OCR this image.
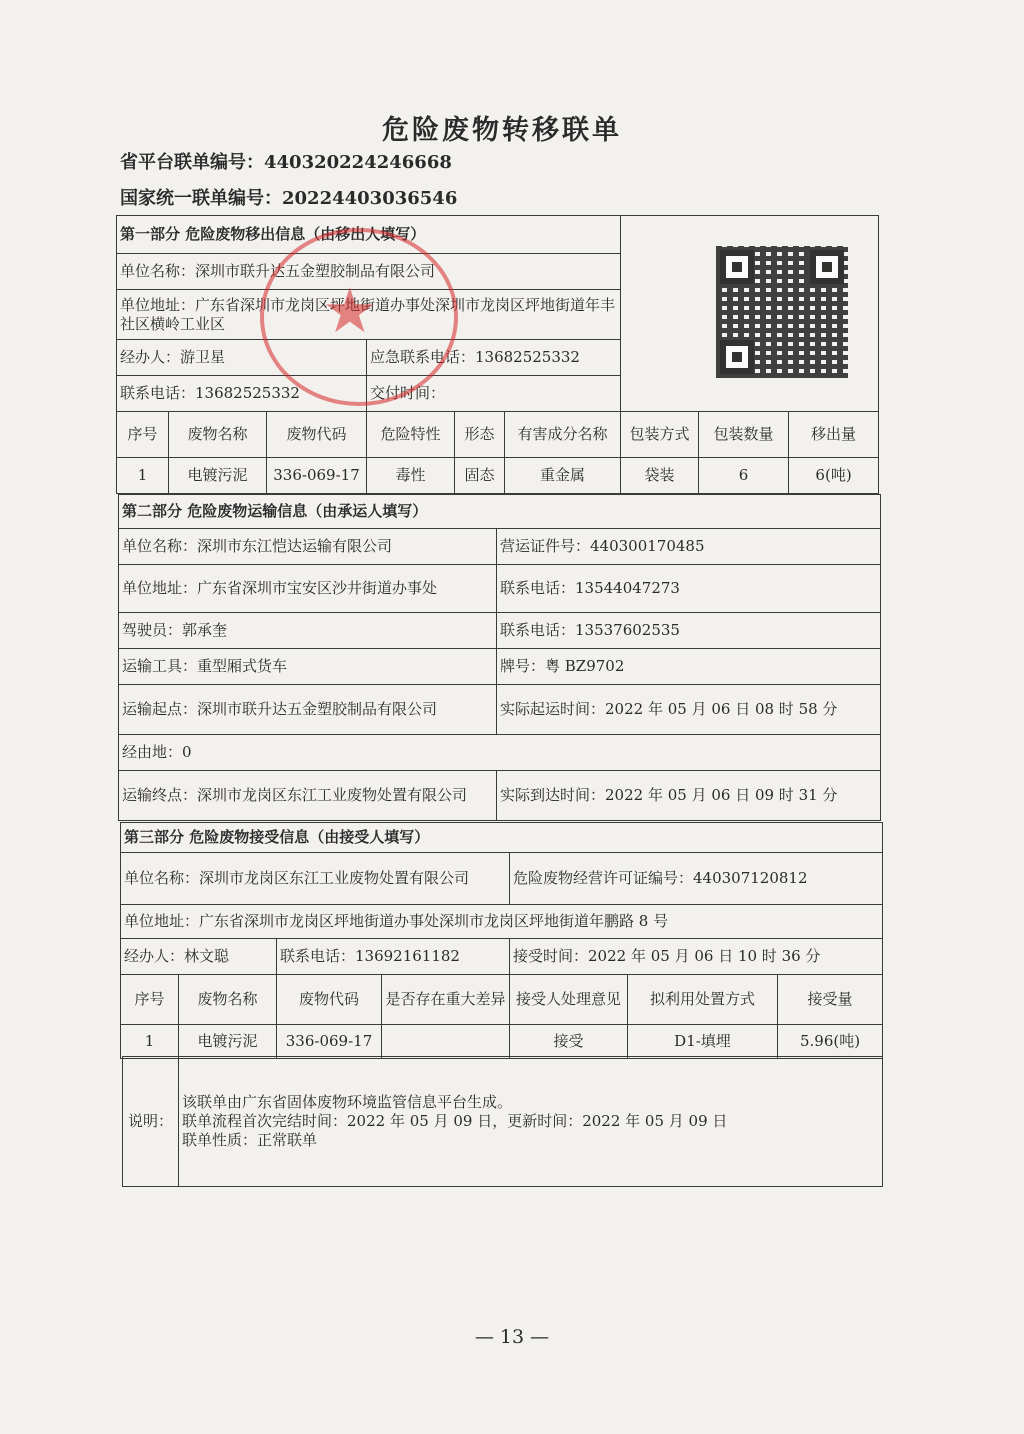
危险废物转移联单
省平台联单编号：440320224246668
国家统一联单编号：20224403036546
第一部分 危险废物移出信息（由移出人填写）								
单位名称：深圳市联升达五金塑胶制品有限公司								
单位地址：广东省深圳市龙岗区坪地街道办事处深圳市龙岗区坪地街道年丰社区横岭工业区								
经办人：游卫星			应急联系电话：13682525332					
联系电话：13682525332			交付时间：					
序号	废物名称	废物代码	危险特性	形态	有害成分名称	包装方式	包装数量	移出量
1	电镀污泥	336-069-17	毒性	固态	重金属	袋装	6	6(吨)
★
第二部分 危险废物运输信息（由承运人填写）	
单位名称：深圳市东江恺达运输有限公司	营运证件号：440300170485
单位地址：广东省深圳市宝安区沙井街道办事处	联系电话：13544047273
驾驶员：郭承奎	联系电话：13537602535
运输工具：重型厢式货车	牌号：粤 BZ9702
运输起点：深圳市联升达五金塑胶制品有限公司	实际起运时间：2022 年 05 月 06 日 08 时 58 分
经由地：0	
运输终点：深圳市龙岗区东江工业废物处置有限公司	实际到达时间：2022 年 05 月 06 日 09 时 31 分
第三部分 危险废物接受信息（由接受人填写）						
单位名称：深圳市龙岗区东江工业废物处置有限公司				危险废物经营许可证编号：440307120812		
单位地址：广东省深圳市龙岗区坪地街道办事处深圳市龙岗区坪地街道年鹏路 8 号						
经办人：林文聪		联系电话：13692161182		接受时间：2022 年 05 月 06 日 10 时 36 分		
序号	废物名称	废物代码	是否存在重大差异	接受人处理意见	拟利用处置方式	接受量
1	电镀污泥	336-069-17		接受	D1-填埋	5.96(吨)
说明：	
该联单由广东省固体废物环境监管信息平台生成。
联单流程首次完结时间：2022 年 05 月 09 日，更新时间：2022 年 05 月 09 日
联单性质：正常联单
— 13 —
